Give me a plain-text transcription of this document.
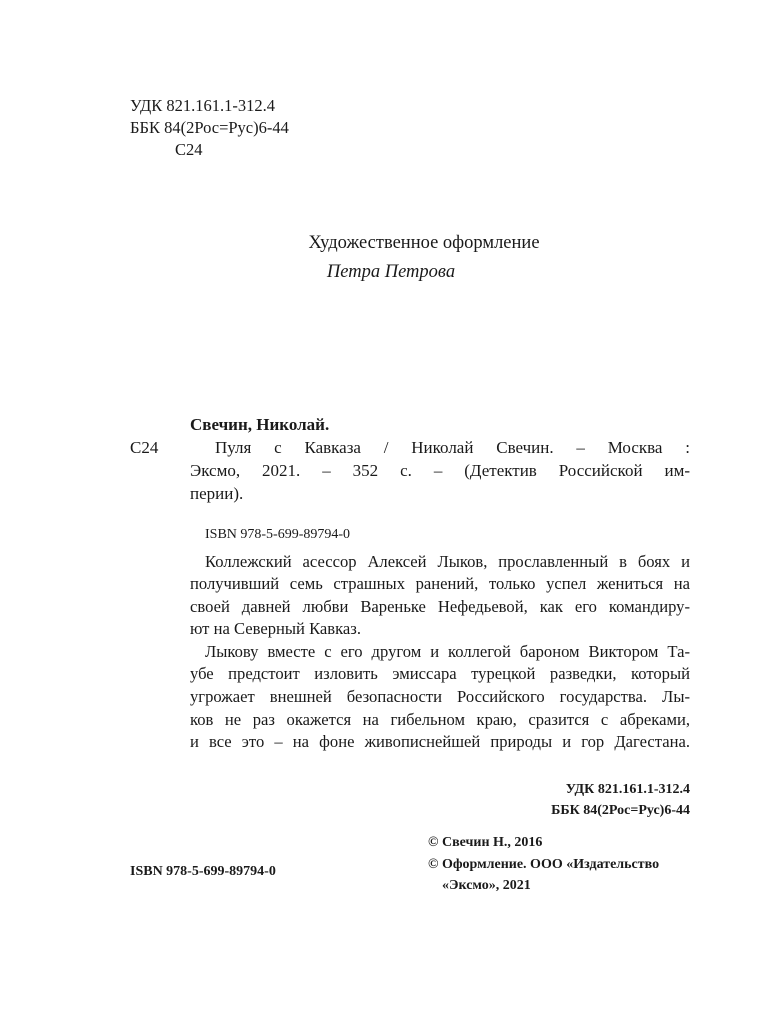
УДК 821.161.1-312.4
ББК 84(2Рос=Рус)6-44
С24
Художественное оформление
Петра Петрова
Свечин, Николай.
С24	Пуля с Кавказа / Николай Свечин. – Москва :
Эксмо, 2021. – 352 с. – (Детектив Российской им-
перии).
ISBN 978-5-699-89794-0
Коллежский асессор Алексей Лыков, прославленный в боях и
получивший семь страшных ранений, только успел жениться на
своей давней любви Вареньке Нефедьевой, как его командиру-
ют на Северный Кавказ.
Лыкову вместе с его другом и коллегой бароном Виктором Та-
убе предстоит изловить эмиссара турецкой разведки, который
угрожает внешней безопасности Российского государства. Лы-
ков не раз окажется на гибельном краю, сразится с абреками,
и все это – на фоне живописнейшей природы и гор Дагестана.
УДК 821.161.1-312.4
ББК 84(2Рос=Рус)6-44
ISBN 978-5-699-89794-0
© Свечин Н., 2016
© Оформление. ООО «Издательство
«Эксмо», 2021
